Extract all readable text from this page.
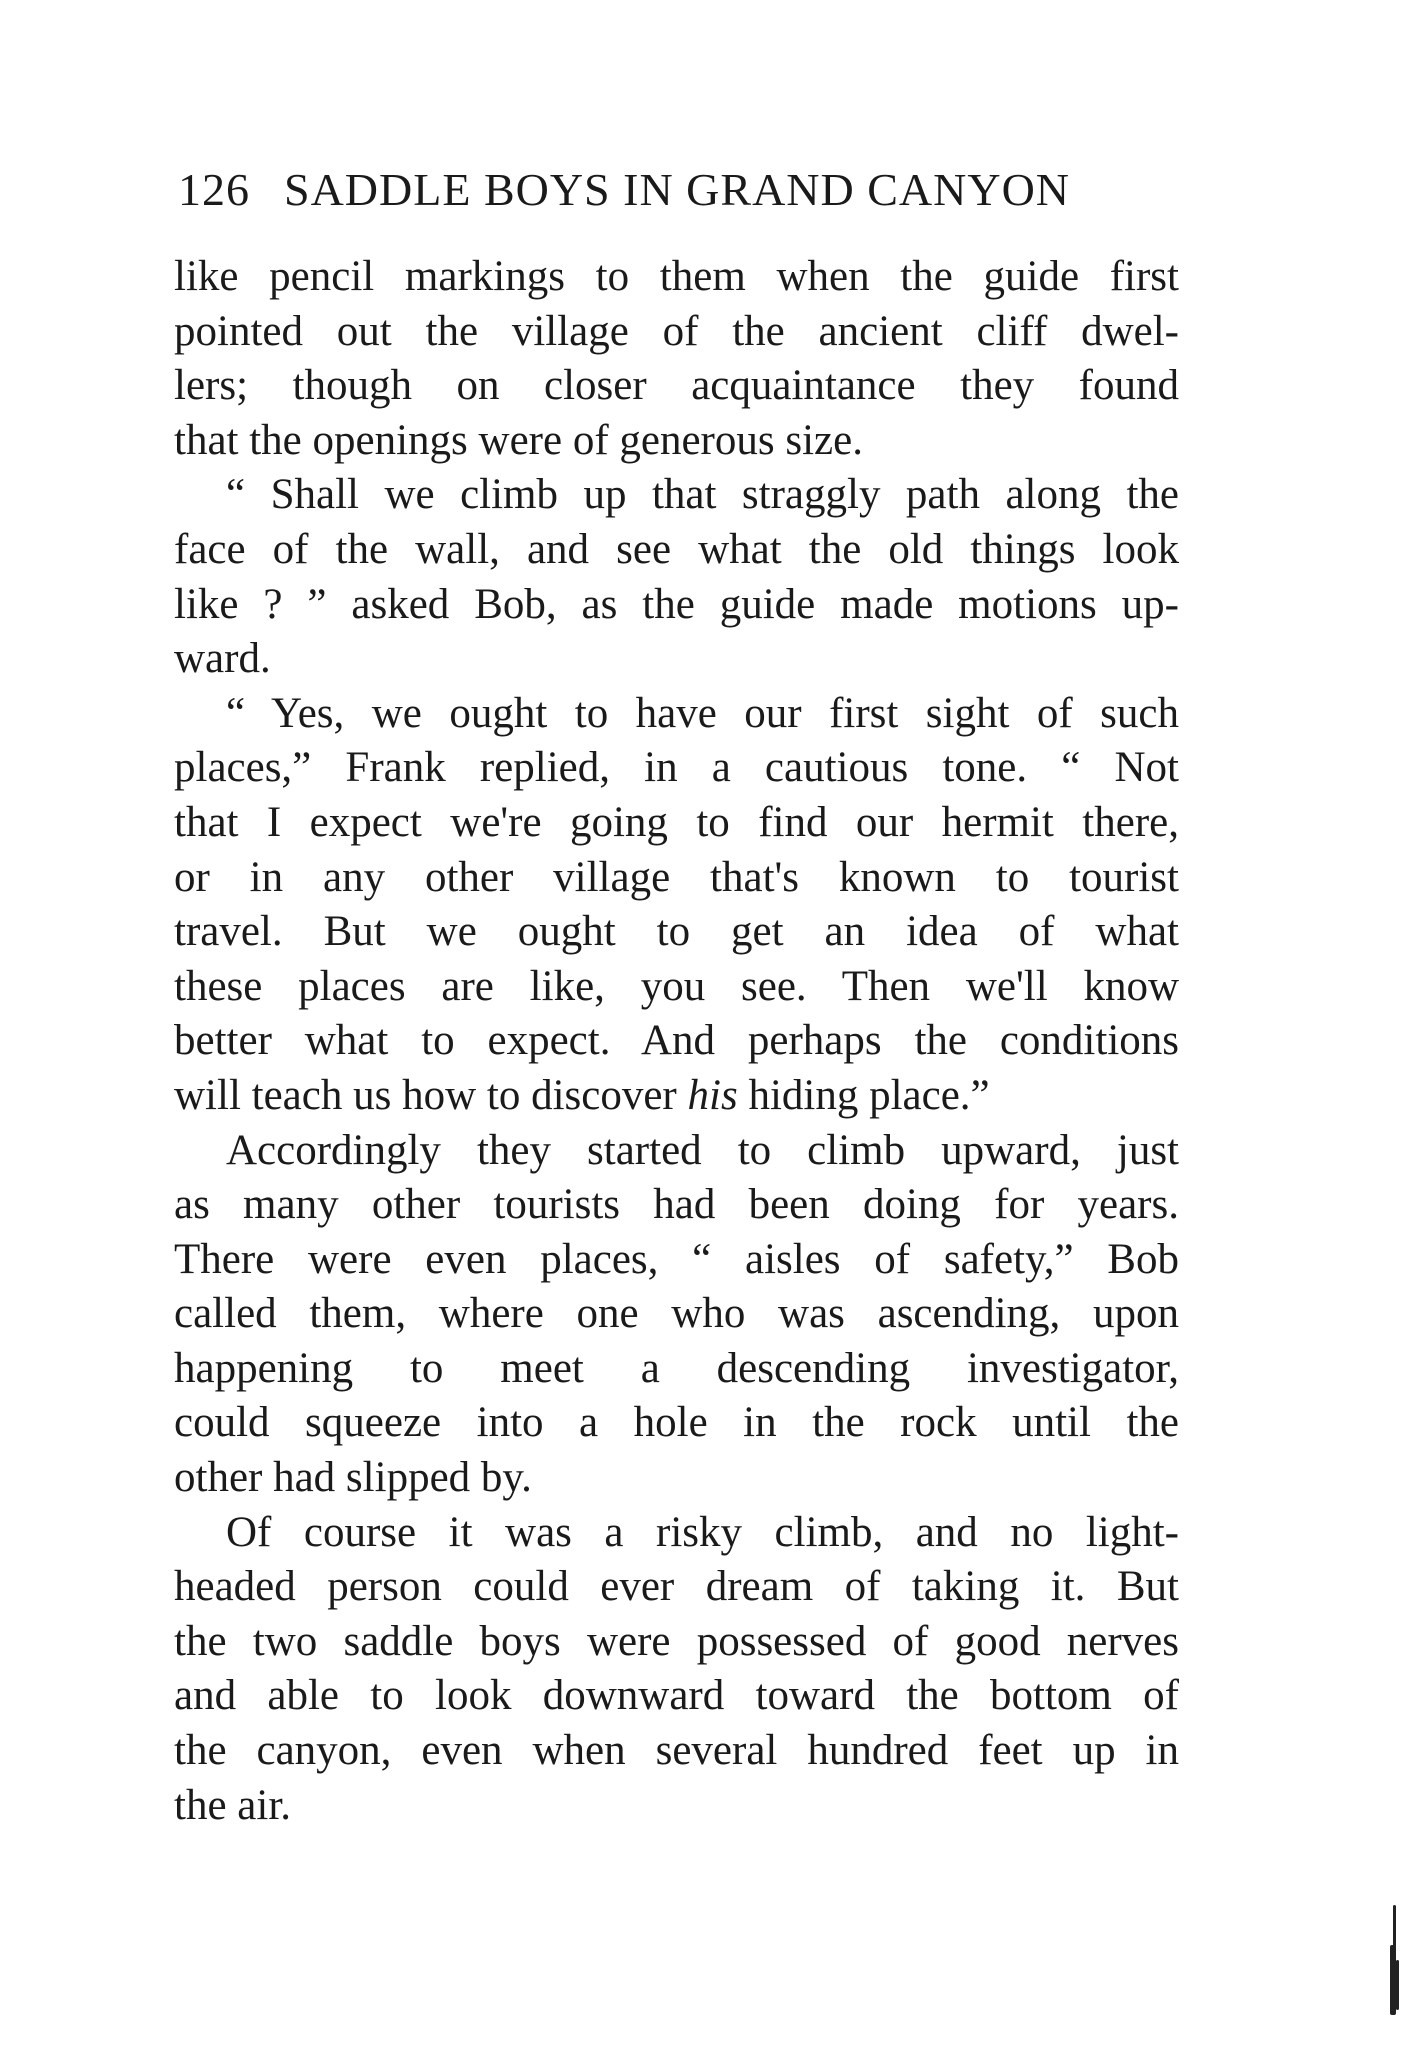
126 SADDLE BOYS IN GRAND CANYON
like pencil markings to them when the guide first
pointed out the village of the ancient cliff dwel-
lers; though on closer acquaintance they found
that the openings were of generous size.
“ Shall we climb up that straggly path along the
face of the wall, and see what the old things look
like ? ” asked Bob, as the guide made motions up-
ward.
“ Yes, we ought to have our first sight of such
places,” Frank replied, in a cautious tone. “ Not
that I expect we're going to find our hermit there,
or in any other village that's known to tourist
travel. But we ought to get an idea of what
these places are like, you see. Then we'll know
better what to expect. And perhaps the conditions
will teach us how to discover his hiding place.”
Accordingly they started to climb upward, just
as many other tourists had been doing for years.
There were even places, “ aisles of safety,” Bob
called them, where one who was ascending, upon
happening to meet a descending investigator,
could squeeze into a hole in the rock until the
other had slipped by.
Of course it was a risky climb, and no light-
headed person could ever dream of taking it. But
the two saddle boys were possessed of good nerves
and able to look downward toward the bottom of
the canyon, even when several hundred feet up in
the air.
